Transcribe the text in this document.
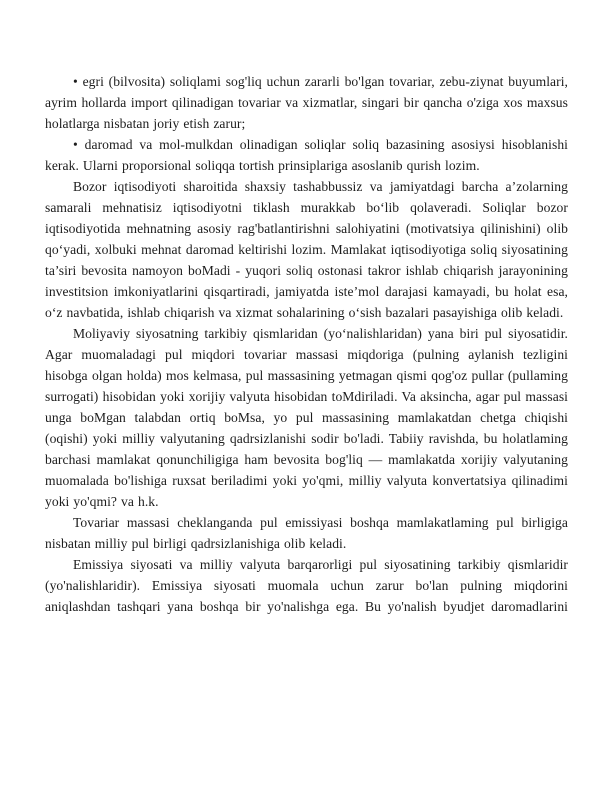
• egri (bilvosita) soliqlami sog'liq uchun zararli bo'lgan tovariar, zebu-ziynat buyumlari, ayrim hollarda import qilinadigan tovariar va xizmatlar, singari bir qancha o'ziga xos maxsus holatlarga nisbatan joriy etish zarur;

• daromad va mol-mulkdan olinadigan soliqlar soliq bazasining asosiysi hisoblanishi kerak. Ularni proporsional soliqqa tortish prinsiplariga asoslanib qurish lozim.

Bozor iqtisodiyoti sharoitida shaxsiy tashabbussiz va jamiyatdagi barcha a’zolarning samarali mehnatisiz iqtisodiyotni tiklash murakkab bo‘lib qolaveradi. Soliqlar bozor iqtisodiyotida mehnatning asosiy rag'batlantirishni salohiyatini (motivatsiya qilinishini) olib qo‘yadi, xolbuki mehnat daromad keltirishi lozim. Mamlakat iqtisodiyotiga soliq siyosatining ta’siri bevosita namoyon boMadi - yuqori soliq ostonasi takror ishlab chiqarish jarayonining investitsion imkoniyatlarini qisqartiradi, jamiyatda iste’mol darajasi kamayadi, bu holat esa, o‘z navbatida, ishlab chiqarish va xizmat sohalarining o‘sish bazalari pasayishiga olib keladi.

Moliyaviy siyosatning tarkibiy qismlaridan (yo‘nalishlaridan) yana biri pul siyosatidir. Agar muomaladagi pul miqdori tovariar massasi miqdoriga (pulning aylanish tezligini hisobga olgan holda) mos kelmasa, pul massasining yetmagan qismi qog'oz pullar (pullaming surrogati) hisobidan yoki xorijiy valyuta hisobidan toMdiriladi. Va aksincha, agar pul massasi unga boMgan talabdan ortiq boMsa, yo pul massasining mamlakatdan chetga chiqishi (oqishi) yoki milliy valyutaning qadrsizlanishi sodir bo'ladi. Tabiiy ravishda, bu holatlaming barchasi mamlakat qonunchiligiga ham bevosita bog'liq — mamlakatda xorijiy valyutaning muomalada bo'lishiga ruxsat beriladimi yoki yo'qmi, milliy valyuta konvertatsiya qilinadimi yoki yo'qmi? va h.k.

Tovariar massasi cheklanganda pul emissiyasi boshqa mamlakatlaming pul birligiga nisbatan milliy pul birligi qadrsizlanishiga olib keladi.

Emissiya siyosati va milliy valyuta barqarorligi pul siyosatining tarkibiy qismlaridir (yo'nalishlaridir). Emissiya siyosati muomala uchun zarur bo'lan pulning miqdorini aniqlashdan tashqari yana boshqa bir yo'nalishga ega. Bu yo'nalish byudjet daromadlarini
